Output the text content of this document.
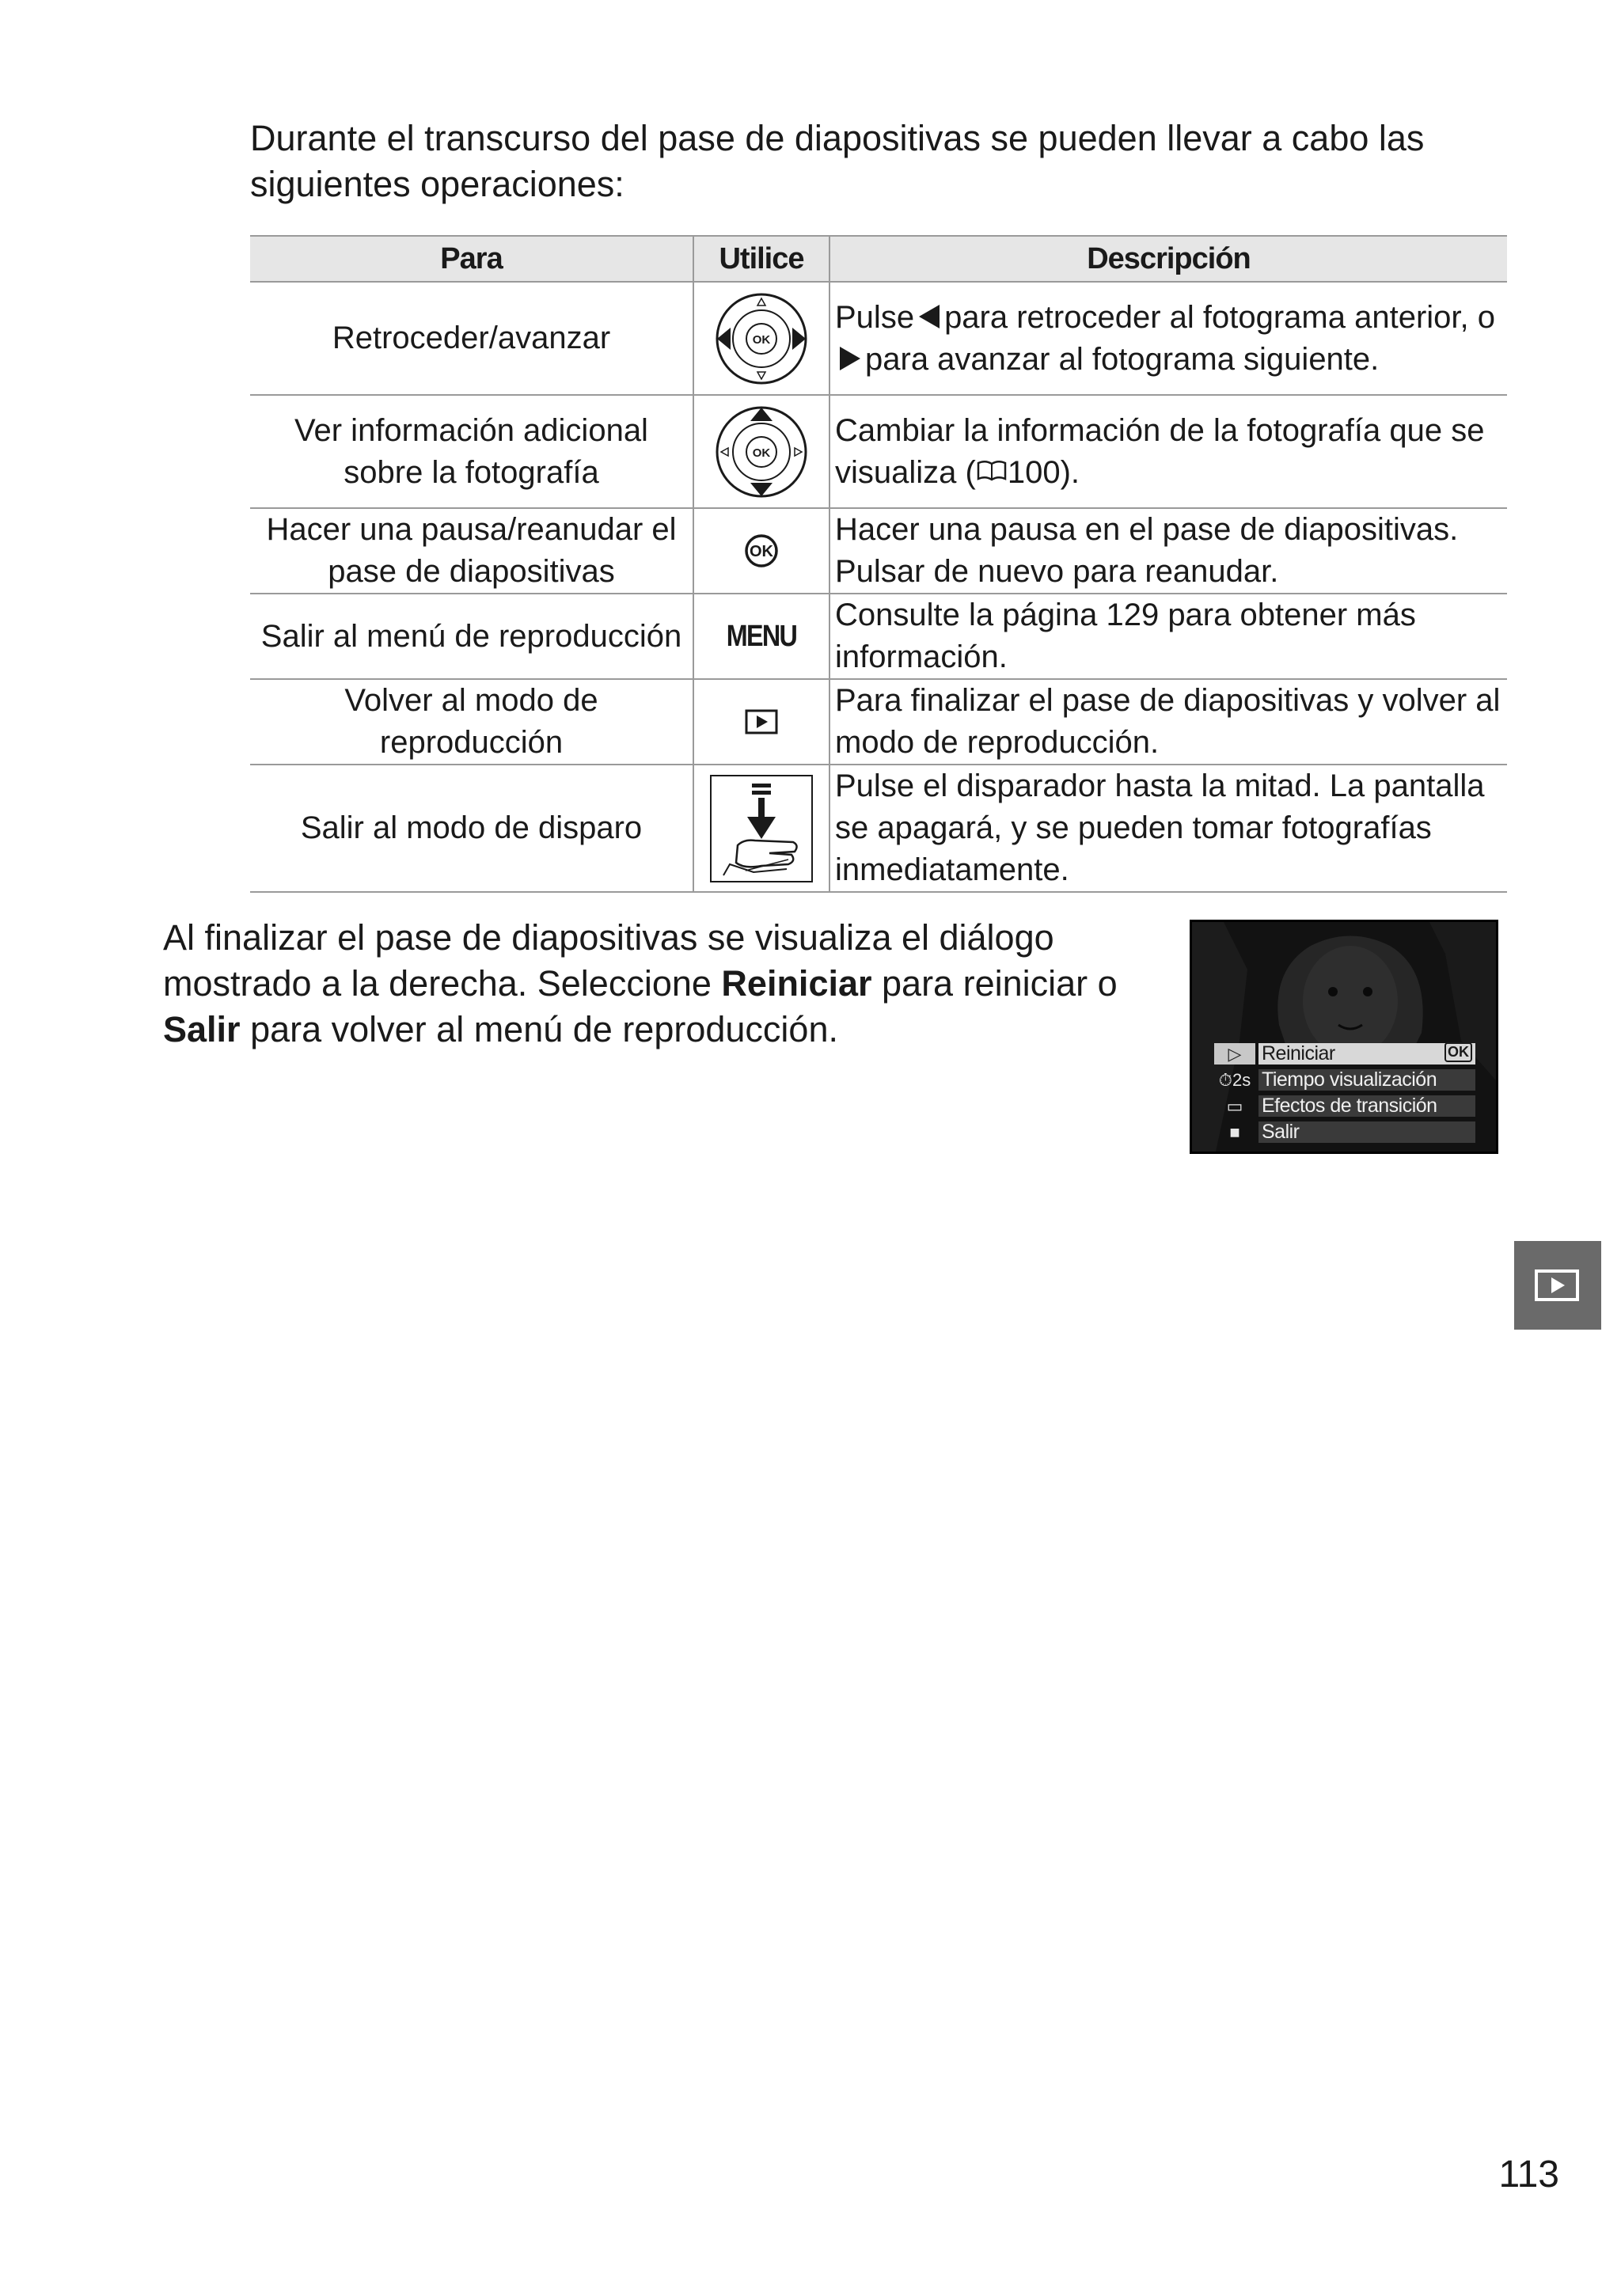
Durante el transcurso del pase de diapositivas se pueden llevar a cabo las siguientes operaciones:

Para	Utilice	Descripción
Retroceder/avanzar	OK	Pulse para retroceder al fotograma anterior, opara avanzar al fotograma siguiente.
Ver información adicional sobre la fotografía	OK	Cambiar la información de la fotografía que se visualiza ( 100).
Hacer una pausa/reanudar el pase de diapositivas	OK	Hacer una pausa en el pase de diapositivas. Pulsar de nuevo para reanudar.
Salir al menú de reproducción	MENU	Consulte la página 129 para obtener más información.
Volver al modo de reproducción		Para finalizar el pase de diapositivas y volver al modo de reproducción.
Salir al modo de disparo		Pulse el disparador hasta la mitad. La pantalla se apagará, y se pueden tomar fotografías inmediatamente.

Al finalizar el pase de diapositivas se visualiza el diálogo mostrado a la derecha. Seleccione Reiniciar para reiniciar o Salir para volver al menú de reproducción.

▷	Reiniciar	OK
⏱2s Tiempo visualización
▭ Efectos de transición
■	Salir
113
